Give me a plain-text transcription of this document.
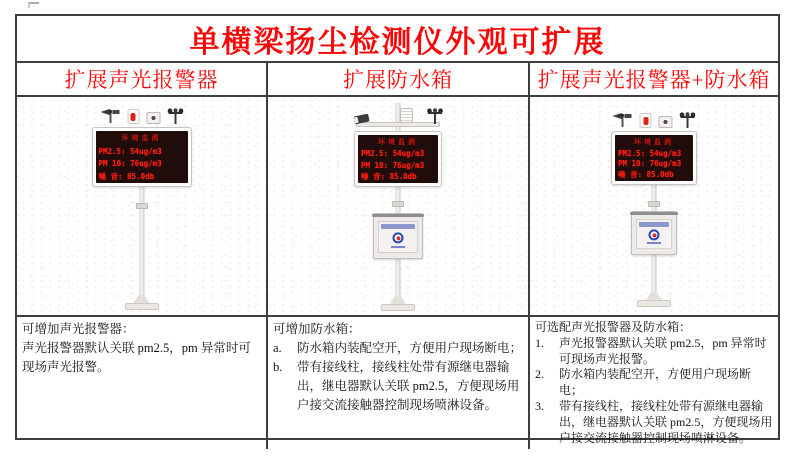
单横梁扬尘检测仪外观可扩展
扩展声光报警器	扩展防水箱	扩展声光报警器+防水箱
环境监测
PM2.5: 54ug/m3
PM 10: 76ug/m3
噪 音: 85.0db
环境监测
PM2.5: 54ug/m3
PM 10: 76ug/m3
噪 音: 85.0db
环境监测
PM2.5: 54ug/m3
PM 10: 76ug/m3
噪 音: 85.0db
可增加声光报警器：
声光报警器默认关联 pm2.5，pm 异常时可现场声光报警。
可增加防水箱：
a.	防水箱内装配空开，方便用户现场断电；
b.	带有接线柱，接线柱处带有源继电器输出，继电器默认关联 pm2.5，方便现场用户接交流接触器控制现场喷淋设备。
可选配声光报警器及防水箱：
1.	声光报警器默认关联 pm2.5，pm 异常时可现场声光报警。
2.	防水箱内装配空开，方便用户现场断电；
3.	带有接线柱，接线柱处带有源继电器输出，继电器默认关联 pm2.5，方便现场用户接交流接触器控制现场喷淋设备。
